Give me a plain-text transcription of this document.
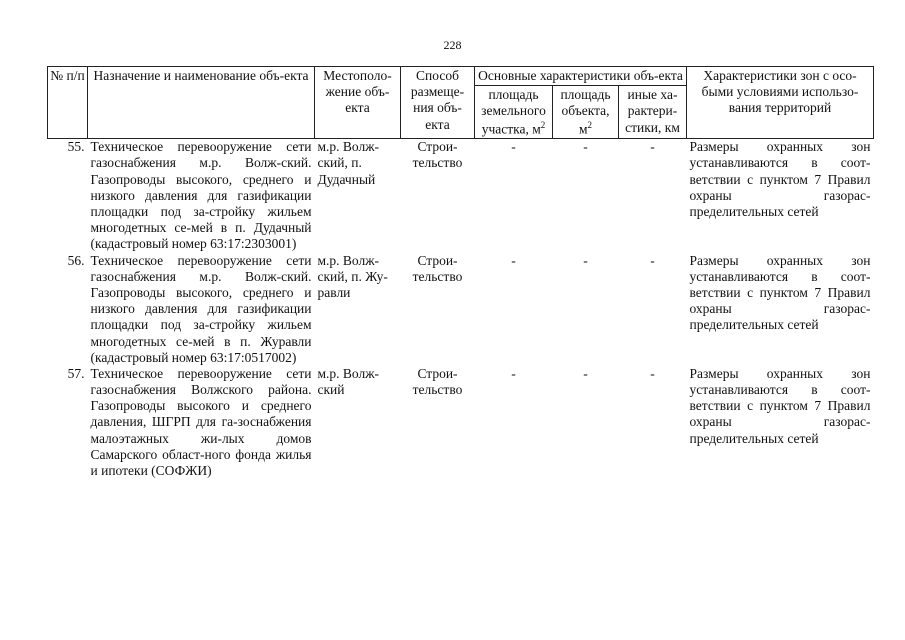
228
№ п/п	Назначение и наименование объ-екта	Местополо-жение объ-екта	Способ размеще-ния объ-екта	Основные характеристики объ-екта			Характеристики зон с осо-быми условиями использо-вания территорий
				площадь земельного участка, $м^2$	площадь объекта, $м^2$	иные ха-рактери-стики, км	
55.	Техническое перевооружение сети газоснабжения м.р. Волж-ский. Газопроводы высокого, среднего и низкого давления для газификации площадки под за-стройку жильем многодетных се-мей в п. Дудачный (кадастровый номер 63:17:2303001)	м.р. Волж-ский, п. Дудачный	Строи-тельство	-	-	-	Размеры охранных зон устанавливаются в соот-ветствии с пунктом 7 Правил охраны газорас-пределительных сетей
56.	Техническое перевооружение сети газоснабжения м.р. Волж-ский. Газопроводы высокого, среднего и низкого давления для газификации площадки под за-стройку жильем многодетных се-мей в п. Журавли (кадастровый номер 63:17:0517002)	м.р. Волж-ский, п. Жу-равли	Строи-тельство	-	-	-	Размеры охранных зон устанавливаются в соот-ветствии с пунктом 7 Правил охраны газорас-пределительных сетей
57.	Техническое перевооружение сети газоснабжения Волжского района. Газопроводы высокого и среднего давления, ШГРП для га-зоснабжения малоэтажных жи-лых домов Самарского област-ного фонда жилья и ипотеки (СОФЖИ)	м.р. Волж-ский	Строи-тельство	-	-	-	Размеры охранных зон устанавливаются в соот-ветствии с пунктом 7 Правил охраны газорас-пределительных сетей
